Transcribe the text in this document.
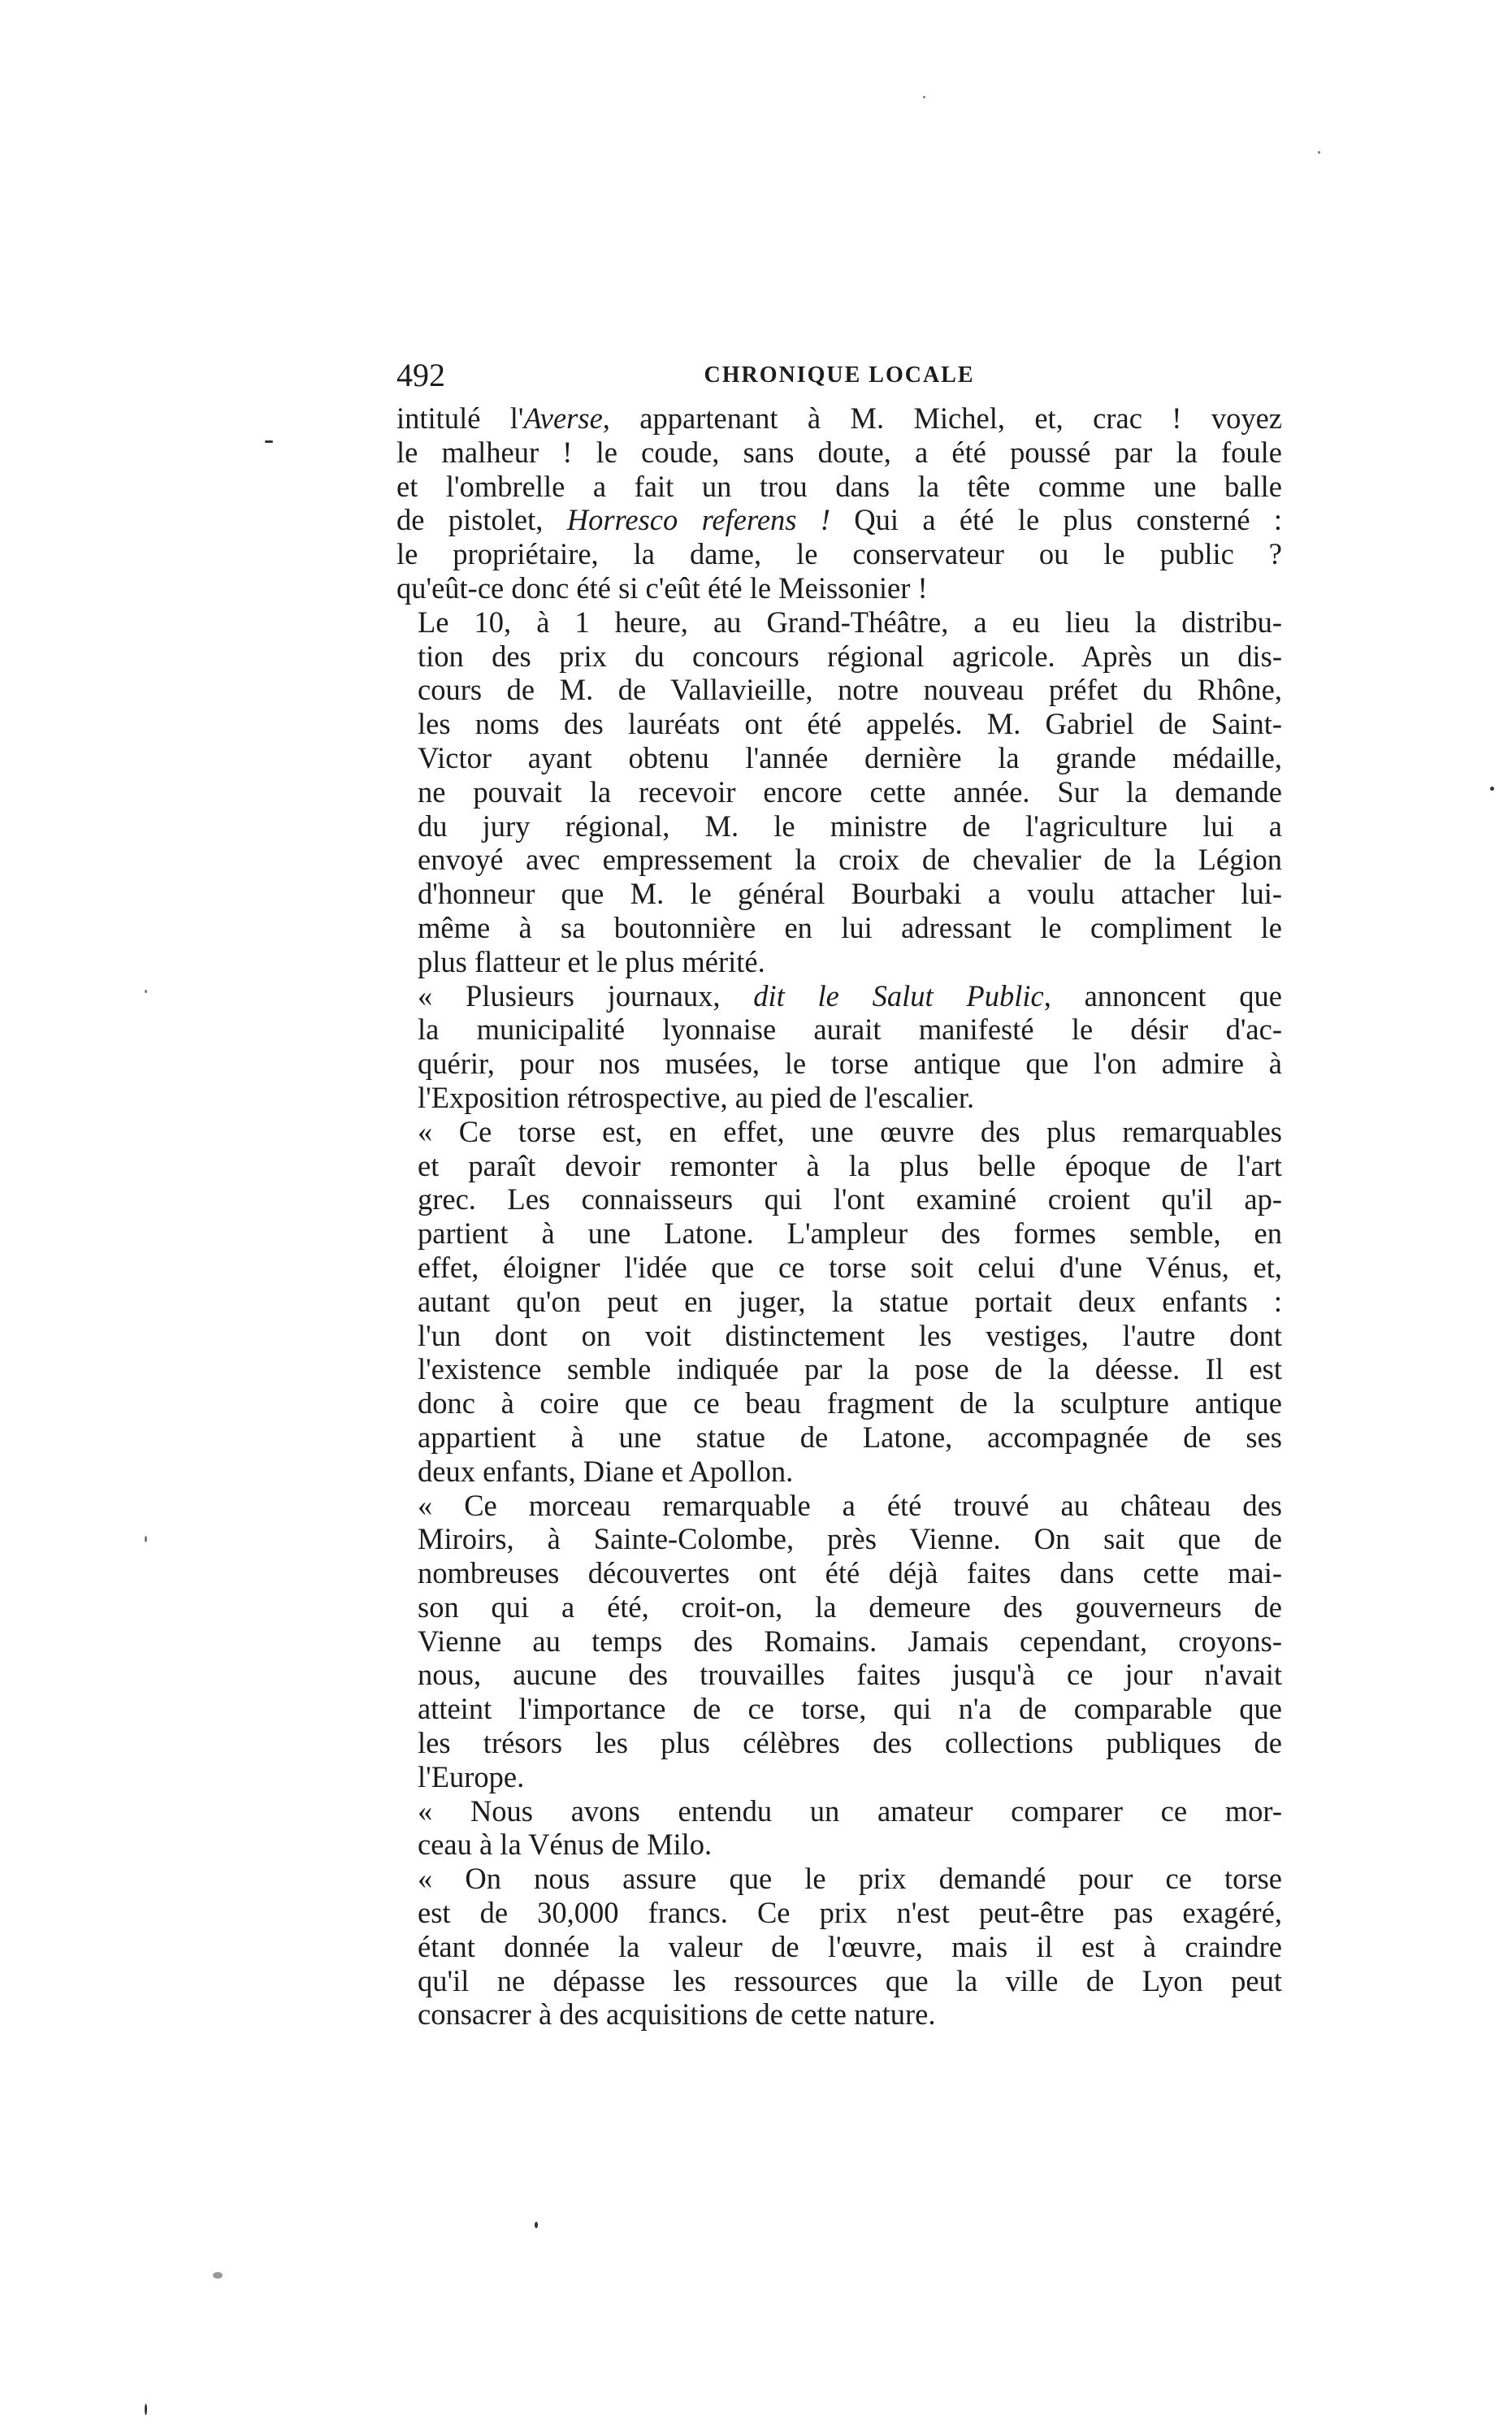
492	CHRONIQUE LOCALE

intitulé l'Averse, appartenant à M. Michel, et, crac ! voyez
le malheur ! le coude, sans doute, a été poussé par la foule
et l'ombrelle a fait un trou dans la tête comme une balle
de pistolet, Horresco referens ! Qui a été le plus consterné :
le propriétaire, la dame, le conservateur ou le public ?
qu'eût-ce donc été si c'eût été le Meissonier !

Le 10, à 1 heure, au Grand-Théâtre, a eu lieu la distribu-
tion des prix du concours régional agricole. Après un dis-
cours de M. de Vallavieille, notre nouveau préfet du Rhône,
les noms des lauréats ont été appelés. M. Gabriel de Saint-
Victor ayant obtenu l'année dernière la grande médaille,
ne pouvait la recevoir encore cette année. Sur la demande
du jury régional, M. le ministre de l'agriculture lui a
envoyé avec empressement la croix de chevalier de la Légion
d'honneur que M. le général Bourbaki a voulu attacher lui-
même à sa boutonnière en lui adressant le compliment le
plus flatteur et le plus mérité.

« Plusieurs journaux, dit le Salut Public, annoncent que
la municipalité lyonnaise aurait manifesté le désir d'ac-
quérir, pour nos musées, le torse antique que l'on admire à
l'Exposition rétrospective, au pied de l'escalier.

« Ce torse est, en effet, une œuvre des plus remarquables
et paraît devoir remonter à la plus belle époque de l'art
grec. Les connaisseurs qui l'ont examiné croient qu'il ap-
partient à une Latone. L'ampleur des formes semble, en
effet, éloigner l'idée que ce torse soit celui d'une Vénus, et,
autant qu'on peut en juger, la statue portait deux enfants :
l'un dont on voit distinctement les vestiges, l'autre dont
l'existence semble indiquée par la pose de la déesse. Il est
donc à coire que ce beau fragment de la sculpture antique
appartient à une statue de Latone, accompagnée de ses
deux enfants, Diane et Apollon.

« Ce morceau remarquable a été trouvé au château des
Miroirs, à Sainte-Colombe, près Vienne. On sait que de
nombreuses découvertes ont été déjà faites dans cette mai-
son qui a été, croit-on, la demeure des gouverneurs de
Vienne au temps des Romains. Jamais cependant, croyons-
nous, aucune des trouvailles faites jusqu'à ce jour n'avait
atteint l'importance de ce torse, qui n'a de comparable que
les trésors les plus célèbres des collections publiques de
l'Europe.

« Nous avons entendu un amateur comparer ce mor-
ceau à la Vénus de Milo.

« On nous assure que le prix demandé pour ce torse
est de 30,000 francs. Ce prix n'est peut-être pas exagéré,
étant donnée la valeur de l'œuvre, mais il est à craindre
qu'il ne dépasse les ressources que la ville de Lyon peut
consacrer à des acquisitions de cette nature.
